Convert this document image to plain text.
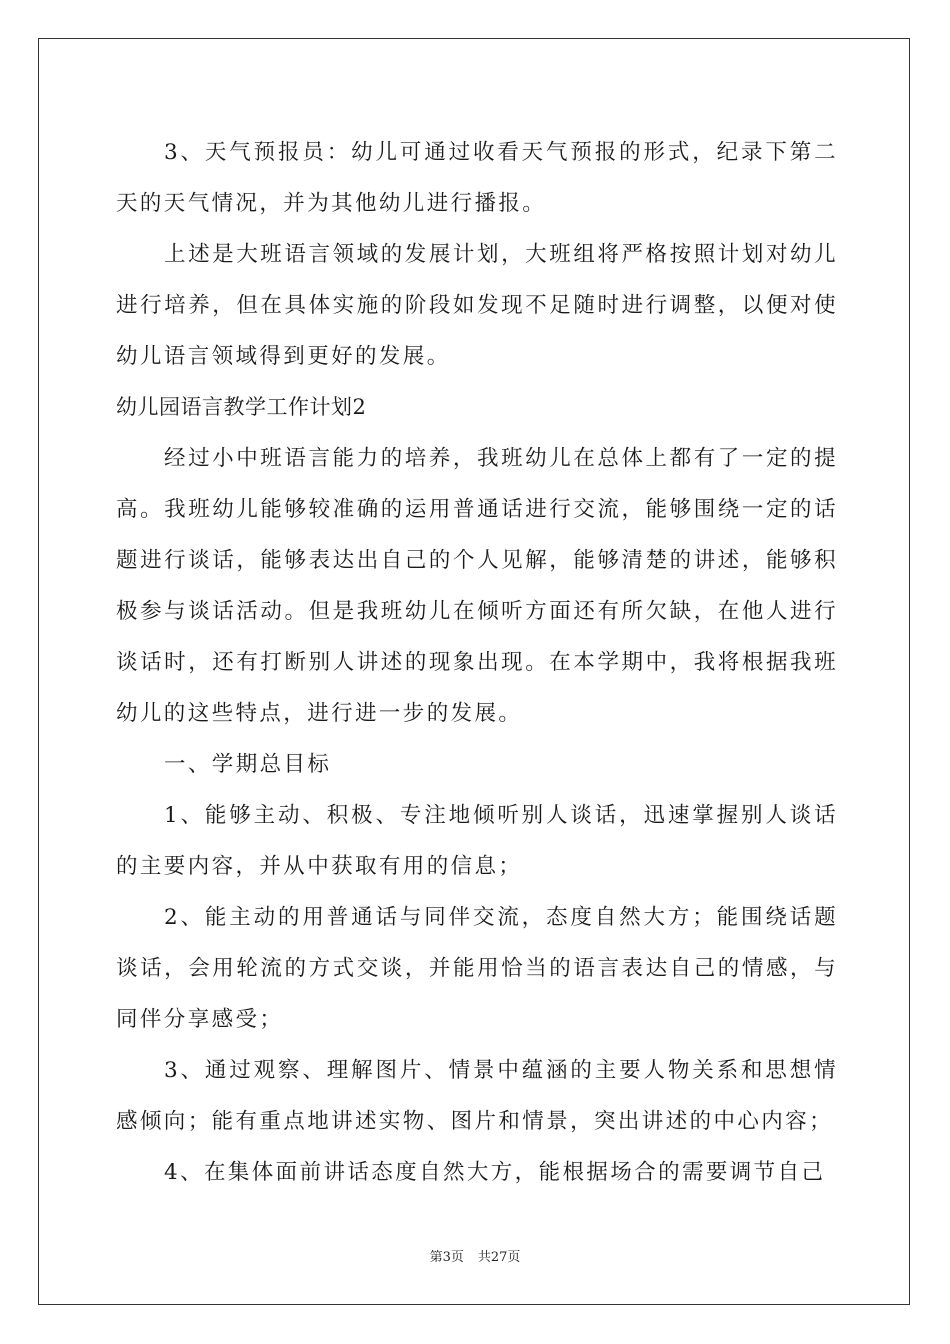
3、天气预报员：幼儿可通过收看天气预报的形式，纪录下第二天的天气情况，并为其他幼儿进行播报。

上述是大班语言领域的发展计划，大班组将严格按照计划对幼儿进行培养，但在具体实施的阶段如发现不足随时进行调整，以便对使幼儿语言领域得到更好的发展。

幼儿园语言教学工作计划2

经过小中班语言能力的培养，我班幼儿在总体上都有了一定的提高。我班幼儿能够较准确的运用普通话进行交流，能够围绕一定的话题进行谈话，能够表达出自己的个人见解，能够清楚的讲述，能够积极参与谈话活动。但是我班幼儿在倾听方面还有所欠缺，在他人进行谈话时，还有打断别人讲述的现象出现。在本学期中，我将根据我班幼儿的这些特点，进行进一步的发展。

一、学期总目标

1、能够主动、积极、专注地倾听别人谈话，迅速掌握别人谈话的主要内容，并从中获取有用的信息；

2、能主动的用普通话与同伴交流，态度自然大方；能围绕话题谈话，会用轮流的方式交谈，并能用恰当的语言表达自己的情感，与同伴分享感受；

3、通过观察、理解图片、情景中蕴涵的主要人物关系和思想情感倾向；能有重点地讲述实物、图片和情景，突出讲述的中心内容；

4、在集体面前讲话态度自然大方，能根据场合的需要调节自己

第3页 共27页
